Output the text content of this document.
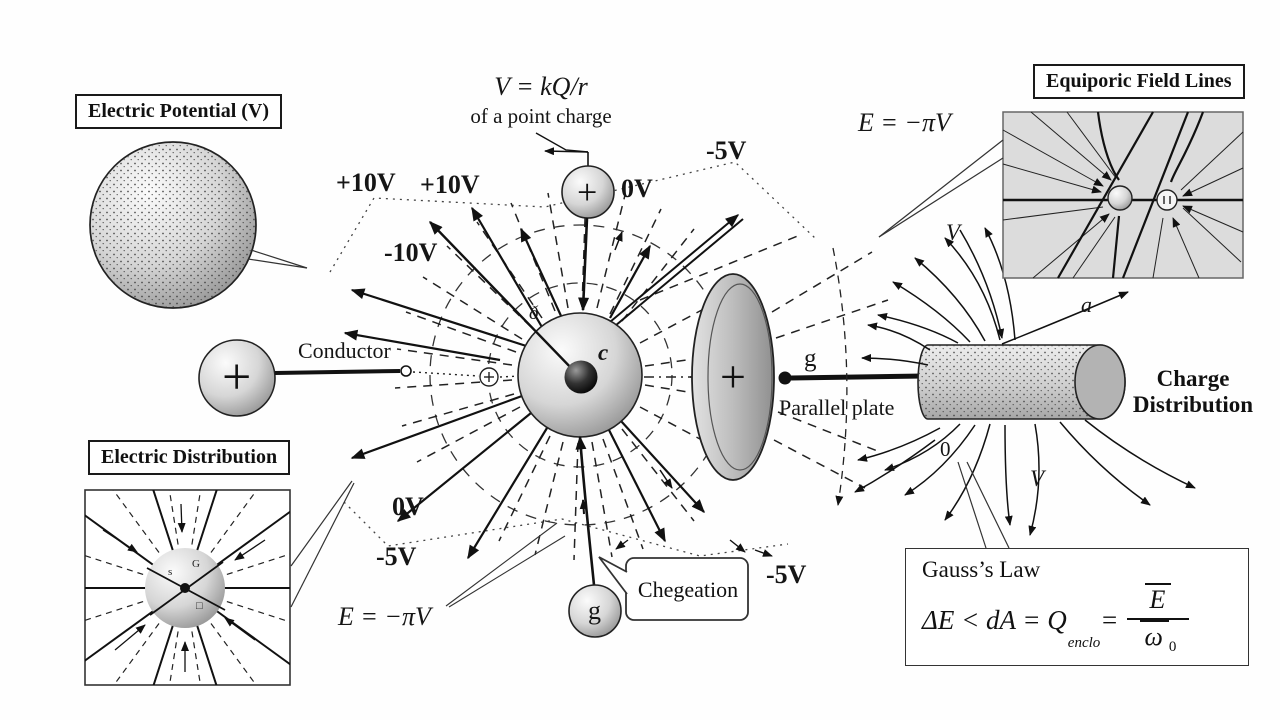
Electric Potential (V)
Equiporic Field Lines
Electric Distribution
V = kQ/r
of a point charge	E = −πV
E = −πV
+10V +10V
-10V
-5V
0V
0V
-5V
-5V
Conductor
Parallel plate
Charge
Distribution
Chegeation
c
g
g
+
+	+
a
V
V
0
ð
s
G
□
Gauss’s Law
ΔE < dA = Q
enclo
= $\frac{E}{\omega _0}$
